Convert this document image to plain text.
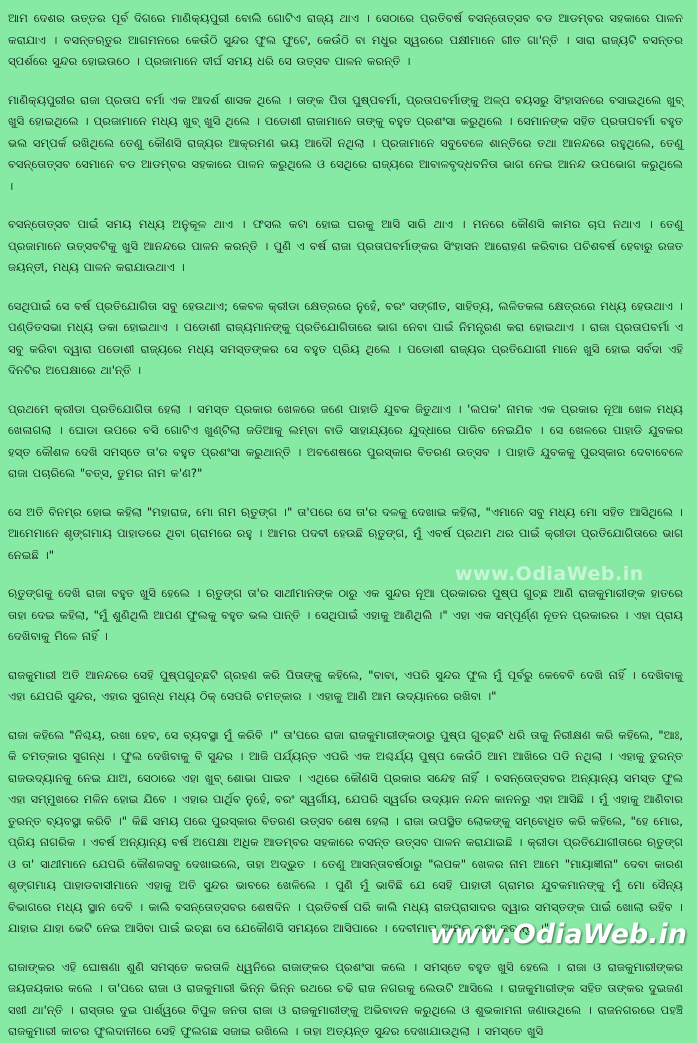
ଆମ ଦେଶର ଉତ୍ତର ପୂର୍ବ ଦିଗରେ ମାଣିକ୍ୟପୁରୀ ବୋଲି ଗୋଟିଏ ରାଜ୍ୟ ଥାଏ । ସେଠାରେ ପ୍ରତିବର୍ଷ ବସନ୍ତୋତ୍ସବ ବଡ ଆଡମ୍ବର ସହକାରେ ପାଳନ କରାଯାଏ । ବସନ୍ତଋତୁର ଆଗମନରେ କେଉଁଠି ସୁନ୍ଦର ଫୁଲ ଫୁଟେ, କେଉଁଠି ବା ମଧୁର ସ୍ୱରରେ ପକ୍ଷୀମାନେ ଗୀତ ଗା'ନ୍ତି । ସାରା ରାଜ୍ୟଟି ବସନ୍ତର ସ୍ପର୍ଶରେ ସୁନ୍ଦର ହୋଇଉଠେ । ପ୍ରଜାମାନେ ଦୀର୍ଘ ସମୟ ଧରି ସେ ଉତ୍ସବ ପାଳନ କରନ୍ତି ।

ମାଣିକ୍ୟପୁରୀର ରାଜା ପ୍ରତାପ ବର୍ମା ଏକ ଆଦର୍ଶ ଶାସକ ଥିଲେ । ତାଙ୍କ ପିତା ପୁଷ୍ପବର୍ମା, ପ୍ରତାପବର୍ମାଙ୍କୁ ଅଳ୍ପ ବୟସରୁ ସିଂହାସନରେ ବସାଇଥିଲେ ଖୁବ୍ ଖୁସି ହୋଇଥିଲେ । ପ୍ରଜାମାନେ ମଧ୍ୟ ଖୁବ୍ ଖୁସି ଥିଲେ । ପଡୋଶୀ ରାଜାମାନେ ତାଙ୍କୁ ବହୁତ ପ୍ରଶଂସା କରୁଥିଲେ । ସେମାନଙ୍କ ସହିତ ପ୍ରତାପବର୍ମା ବହୁତ ଭଲ ସମ୍ପର୍କ ରଖିଥିଲେ ତେଣୁ କୌଣସି ରାଜ୍ୟର ଆକ୍ରମଣ ଭୟ ଆଦୌ ନଥିଲା । ପ୍ରଜାମାନେ ସବୁବେଳେ ଶାନ୍ତିରେ ତଥା ଆନନ୍ଦରେ ରହୁଥିଲେ, ତେଣୁ ବସନ୍ତୋତ୍ସବ ସେମାନେ ବଡ ଆଡମ୍ବର ସହକାରେ ପାଳନ କରୁଥିଲେ ଓ ସେଥିରେ ରାଜ୍ୟରେ ଆବାଳବୃଦ୍ଧବନିତା ଭାଗ ନେଇ ଆନନ୍ଦ ଉପଭୋଗ କରୁଥିଲେ ।

ବସନ୍ତୋତ୍ସବ ପାଇଁ ସମୟ ମଧ୍ୟ ଅନୁକୂଳ ଥାଏ । ଫସଲ କଟା ହୋଇ ଘରକୁ ଆସି ସାରି ଥାଏ । ମନରେ କୌଣସି କାମର ଚାପ ନଥାଏ । ତେଣୁ ପ୍ରଜାମାନେ ଉତ୍ସବଟିକୁ ଖୁସି ଆନନ୍ଦରେ ପାଳନ କରନ୍ତି । ପୁଣି ଏ ବର୍ଷ ରାଜା ପ୍ରତାପବର୍ମାଙ୍କର ସିଂହାସନ ଆରୋହଣ କରିବାର ପଚିଶବର୍ଷ ହେବାରୁ ରଜତ ଜୟନ୍ତୀ, ମଧ୍ୟ ପାଳନ କରାଯାଉଥାଏ ।

ସେଥିପାଇଁ ସେ ବର୍ଷ ପ୍ରତିଯୋଗିତା ସବୁ ହେଉଥାଏ; କେବଳ କ୍ରୀଡା କ୍ଷେତ୍ରରେ ନୁହେଁ, ବରଂ ସଙ୍ଗୀତ, ସାହିତ୍ୟ, ଲଳିତକଳା କ୍ଷେତ୍ରରେ ମଧ୍ୟ ହେଉଥାଏ । ପଣ୍ଡିତସଭା ମଧ୍ୟ ଡକା ହୋଇଥାଏ । ପଡୋଶୀ ରାଜ୍ୟମାନଙ୍କୁ ପ୍ରତିଯୋଗିତାରେ ଭାଗ ନେବା ପାଇଁ ନିମନ୍ତ୍ରଣ କରା ହୋଇଥାଏ । ରାଜା ପ୍ରତାପବର୍ମା ଏ ସବୁ କରିବା ଦ୍ୱାରା ପଡୋଶୀ ରାଜ୍ୟରେ ମଧ୍ୟ ସମସ୍ତଙ୍କର ସେ ବହୁତ ପ୍ରିୟ ଥିଲେ । ପଡୋଶୀ ରାଜ୍ୟର ପ୍ରତିଯୋଗୀ ମାନେ ଖୁସି ହୋଇ ସର୍ବଦା ଏହି ଦିନଟିର ଅପେକ୍ଷାରେ ଥା'ନ୍ତି ।

ପ୍ରଥମେ କ୍ରୀଡା ପ୍ରତିଯୋଗିତା ହେଲା । ସମସ୍ତ ପ୍ରକାର ଖେଳରେ ଜଣେ ପାହାଡି ଯୁବକ ଜିତୁଥାଏ । 'ଲପକ' ନାମକ ଏକ ପ୍ରକାର ନୂଆ ଖେଳ ମଧ୍ୟ ଖେଳାଗଲା । ଘୋଡା ଉପରେ ବସି ଗୋଟିଏ ଖୁଣ୍ଟିଲା ଜଡିଆକୁ ଲମ୍ବା ବାଡି ସାହାଯ୍ୟରେ ଯୁଦ୍ଧାରେ ପାରିବ ନେଇଯିବ । ସେ ଖେଳରେ ପାହାଡି ଯୁବକର ହସ୍ତ କୌଶଳ ଦେଖି ସମସ୍ତେ ତା'ର ବହୁତ ପ୍ରଶଂସା କରୁଥାନ୍ତି । ଅବଶେଷରେ ପୁରସ୍କାର ବିତରଣ ଉତ୍ସବ । ପାହାଡି ଯୁବକକୁ ପୁରସ୍କାର ଦେବାବେଳେ ରାଜା ପଚାରିଲେ "ବତ୍ସ, ତୁମର ନାମ କ'ଣ?"

ସେ ଅତି ବିନମ୍ର ହୋଇ କହିଲା "ମହାରାଜ, ମୋ ନାମ ଋତୁଙ୍ଗ ।" ତା'ପରେ ସେ ତା'ର ଦଳକୁ ଦେଖାଇ କହିଲା, "ଏମାନେ ସବୁ ମଧ୍ୟ ମୋ ସହିତ ଆସିଥିଲେ । ଆମେମାନେ ଶୃଙ୍ଗମାୟ ପାହାଡରେ ଥିବା ଗ୍ରାମରେ ରହୁ । ଆମର ପଦବୀ ହେଉଛି ଋତୁଙ୍ଗ, ମୁଁ ଏବର୍ଷ ପ୍ରଥମ ଥର ପାଇଁ କ୍ରୀଡା ପ୍ରତିଯୋଗିତାରେ ଭାଗ ନେଇଛି ।"

ଋତୁଙ୍ଗକୁ ଦେଖି ରାଜା ବହୁତ ଖୁସି ହେଲେ । ଋତୁଙ୍ଗ ତା'ର ସାଥୀମାନଙ୍କ ଠାରୁ ଏକ ସୁନ୍ଦର ନୂଆ ପ୍ରକାରର ପୁଷ୍ପ ଗୁଚ୍ଛ ଆଣି ରାଜକୁମାରୀଙ୍କ ହାତରେ ତାହା ଦେଇ କହିଲା, "ମୁଁ ଶୁଣିଥିଲି ଆପଣ ଫୁଲକୁ ବହୁତ ଭଲ ପାନ୍ତି । ସେଥିପାଇଁ ଏହାକୁ ଆଣିଥିଲି ।" ଏହା ଏକ ସମ୍ପୂର୍ଣ୍ଣ ନୂତନ ପ୍ରକାରର । ଏହା ପ୍ରାୟ ଦେଖିବାକୁ ମିଳେ ନାହିଁ ।

ରାଜକୁମାରୀ ଅତି ଆନନ୍ଦରେ ସେହି ପୁଷ୍ପଗୁଚ୍ଛଟି ଗ୍ରହଣ କରି ପିତାଙ୍କୁ କହିଲେ, "ବାବା, ଏପରି ସୁନ୍ଦର ଫୁଲ ମୁଁ ପୂର୍ବରୁ କେବେବି ଦେଖି ନାହିଁ । ଦେଖିବାକୁ ଏହା ଯେପରି ସୁନ୍ଦର, ଏହାର ସୁଗନ୍ଧ ମଧ୍ୟ ଠିକ୍ ସେପରି ଚମତ୍କାର । ଏହାକୁ ଆଣି ଆମ ଉଦ୍ୟାନରେ ରଖିବା ।"

ରାଜା କହିଲେ "ନିଶ୍ଚୟ, ରଖା ହେବ, ସେ ବ୍ୟବସ୍ଥା ମୁଁ କରିବି ।" ତା'ପରେ ରାଜା ରାଜକୁମାରୀଙ୍କଠାରୁ ପୁଷ୍ପ ଗୁଚ୍ଛଟି ଧରି ତାକୁ ନିରୀକ୍ଷଣ କରି କହିଲେ, "ଆଃ, କି ଚମତ୍କାର ସୁଗନ୍ଧ । ଫୁଲ ଦେଖିବାକୁ ବି ସୁନ୍ଦର । ଆଜି ପର୍ଯ୍ୟନ୍ତ ଏପରି ଏକ ଅଶ୍ଚର୍ଯ୍ୟ ପୁଷ୍ପ କେଉଁଠି ଆମ ଆଖିରେ ପଡି ନଥିଲା । ଏହାକୁ ତୁରନ୍ତ ରାଜଉଦ୍ୟାନକୁ ନେଇ ଯାଅ, ସେଠାରେ ଏହା ଖୁବ୍ ଶୋଭା ପାଇବ । ଏଥିରେ କୌଣସି ପ୍ରକାର ସନ୍ଦେହ ନାହିଁ । ବସନ୍ତୋତ୍ସବର ଅନ୍ୟାନ୍ୟ ସମସ୍ତ ଫୁଲ ଏହା ସମ୍ମୁଖରେ ମଳିନ ହୋଇ ଯିବେ । ଏହାର ପାର୍ଥିବ ନୁହେଁ, ବରଂ ସ୍ୱର୍ଗୀୟ, ଯେପରି ସ୍ୱର୍ଗର ଉଦ୍ୟାନ ନନ୍ଦନ କାନନରୁ ଏହା ଆସିଛି । ମୁଁ ଏହାକୁ ଆଣିବାର ତୁରନ୍ତ ବ୍ୟବସ୍ଥା କରିବି ।" କିଛି ସମୟ ପରେ ପୁରସ୍କାର ବିତରଣ ଉତ୍ସବ ଶେଷ ହେଲା । ରାଜା ଉପସ୍ଥିତ ଲୋକଙ୍କୁ ସମ୍ବୋଧିତ କରି କହିଲେ, "ହେ ମୋର, ପ୍ରିୟ ନାଗରିକ । ଏବର୍ଷ ଅନ୍ୟାନ୍ୟ ବର୍ଷ ଅପେକ୍ଷା ଅଧିକ ଆଡମ୍ବର ସହକାରେ ବସନ୍ତ ଉତ୍ସବ ପାଳନ କରାଯାଇଛି । କ୍ରୀଡା ପ୍ରତିଯୋଗୀତାରେ ଋତୁଙ୍ଗ ଓ ତା' ସାଥୀମାନେ ଯେପରି କୌଶଳସବୁ ଦେଖାଇଲେ, ତାହା ଅଦ୍ଭୁତ । ତେଣୁ ଆସନ୍ତାବର୍ଷଠାରୁ "ଲପକ" ଖେଳର ନାମ ଆମେ "ମାୟାଜ୍ଞୀନା" ଦେବା କାରଣ ଶୃଙ୍ଗମାୟ ପାହାଡବାସୀମାନେ ଏହାକୁ ଅତି ସୁନ୍ଦର ଭାବରେ ଖେଳିଲେ । ପୁଣି ମୁଁ ଭାବିଛି ଯେ ସେହି ପାହାଡୀ ଗ୍ରାମର ଯୁବକମାନଙ୍କୁ ମୁଁ ମୋ ସୈନ୍ୟ ବିଭାଗରେ ମଧ୍ୟ ସ୍ଥାନ ଦେବି । କାଲି ବସନ୍ତୋତ୍ସବର ଶେଷଦିନ । ପ୍ରତିବର୍ଷ ପରି କାଲି ମଧ୍ୟ ରାଜପ୍ରାସାଦର ଦ୍ୱାର ସମସ୍ତଙ୍କ ପାଇଁ ଖୋଲା ରହିବ । ଯାହାର ଯାହା ଭେଟି ନେଇ ଆସିବା ପାଇଁ ଇଚ୍ଛା ସେ ଯେକୌଣସି ସମୟରେ ଆସିପାରେ । ଦେବୀମାତା ଆମକୁ ରକ୍ଷା କରନ୍ତୁ ।"

ରାଜାଙ୍କର ଏହି ଘୋଷଣା ଶୁଣି ସମସ୍ତେ କରତାଳି ଧ୍ୱନିରେ ରାଜାଙ୍କର ପ୍ରଶଂସା କଲେ । ସମସ୍ତେ ବହୁତ ଖୁସି ହେଲେ । ରାଜା ଓ ରାଜକୁମାରୀଙ୍କର ଜୟଜୟକାର କଲେ । ତା'ପରେ ରାଜା ଓ ରାଜକୁମାରୀ ଭିନ୍ନ ଭିନ୍ନ ରଥରେ ଚଢି ରାଜ ନଗରକୁ ଲେଉଟି ଆସିଲେ । ରାଜକୁମାରୀଙ୍କ ସହିତ ତାଙ୍କର ଦୁଇଜଣ ସଖୀ ଥା'ନ୍ତି । ରାସ୍ତାର ଦୁଇ ପାର୍ଶ୍ୱରେ ବିପୁଳ ଜନତା ରାଜା ଓ ରାଜକୁମାରୀଙ୍କୁ ଅଭିବାଦନ କରୁଥିଲେ ଓ ଶୁଭକାମନା ଜଣାଉଥିଲେ । ରାଜନଗରରେ ପହଞ୍ଚି ରାଜକୁମାରୀ କାଚର ଫୁଲଦାନୀରେ ସେହି ଫୁଲଗଛ ସଜାଇ ରଖିଲେ । ତାହା ଅତ୍ୟନ୍ତ ସୁନ୍ଦର ଦେଖାଯାଉଥିଲା । ସମସ୍ତେ ଖୁସି

www.OdiaWeb.in
www.OdiaWeb.in
